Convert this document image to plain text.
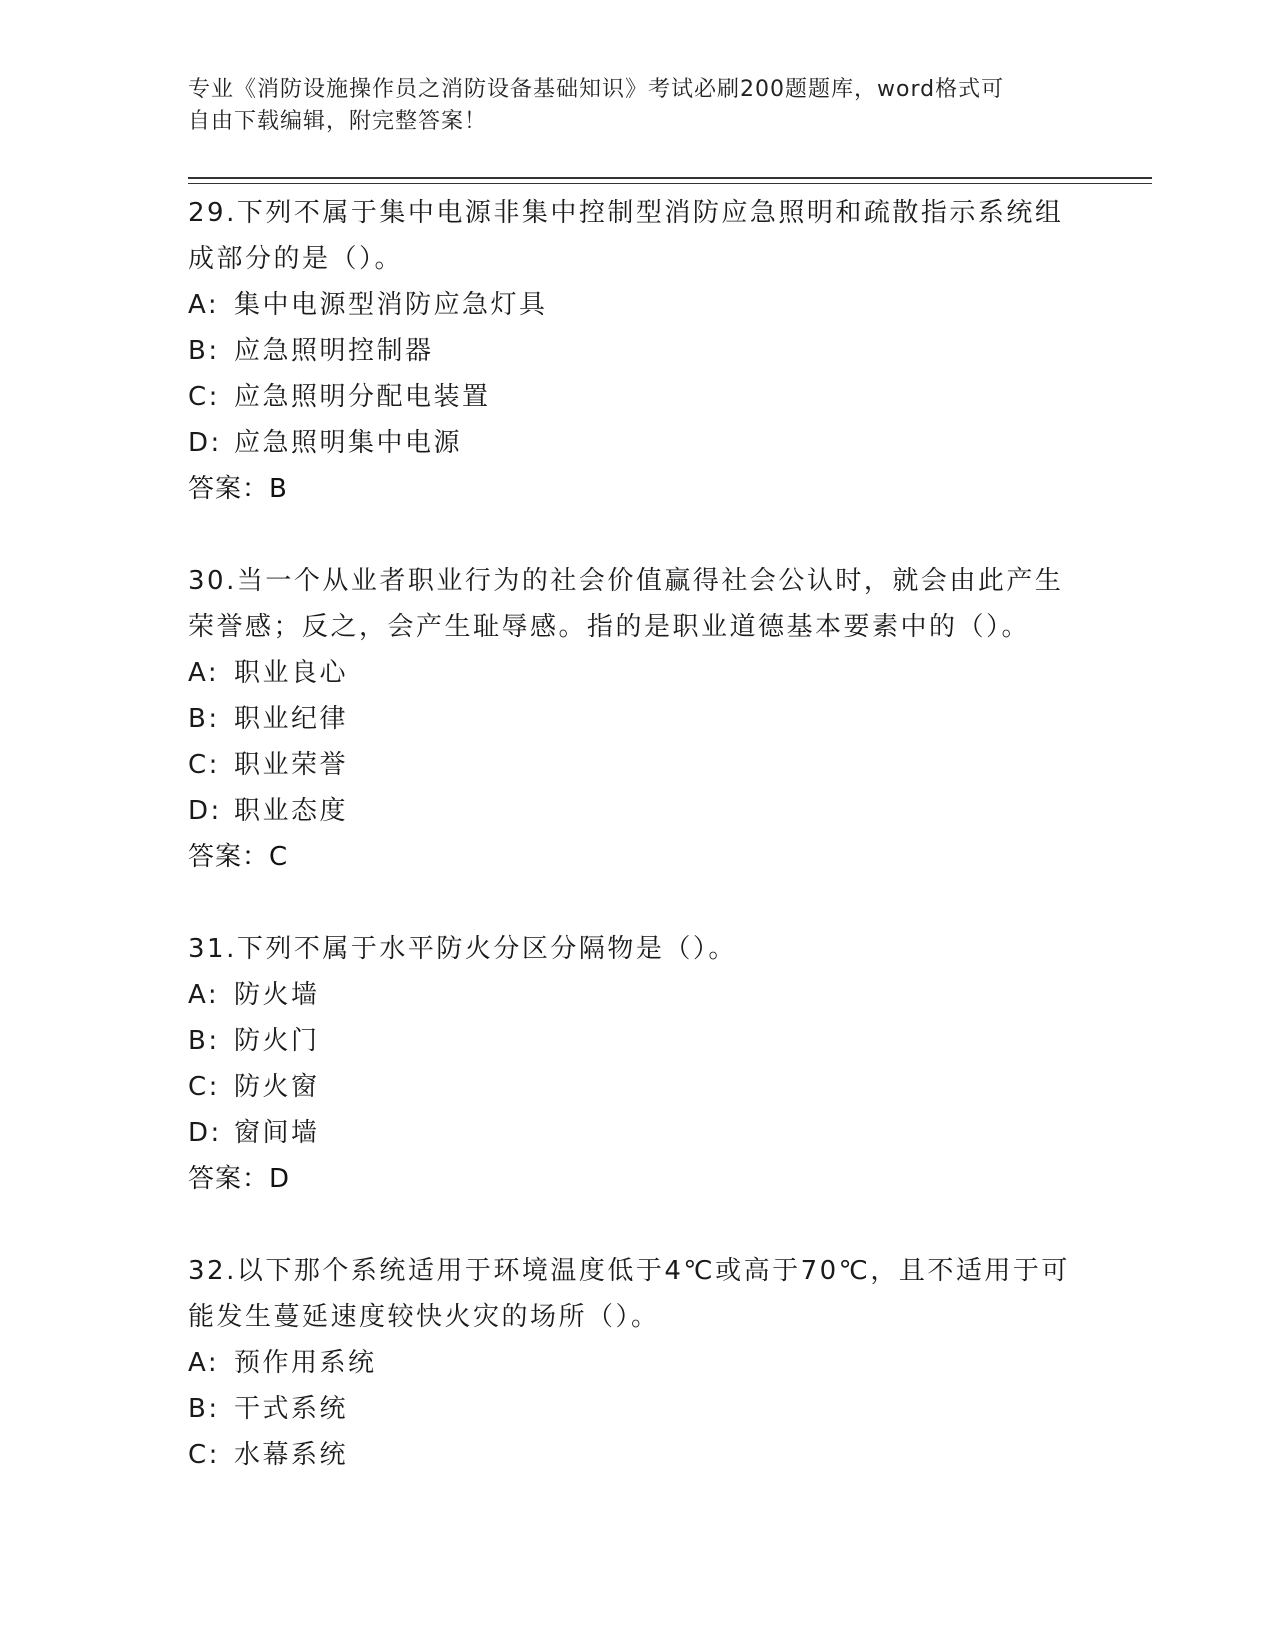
专业《消防设施操作员之消防设备基础知识》考试必刷200题题库，word格式可
自由下载编辑，附完整答案！

29.下列不属于集中电源非集中控制型消防应急照明和疏散指示系统组

成部分的是（）。

A: 集中电源型消防应急灯具

B: 应急照明控制器

C: 应急照明分配电装置

D: 应急照明集中电源

答案：B

30.当一个从业者职业行为的社会价值赢得社会公认时，就会由此产生

荣誉感；反之，会产生耻辱感。指的是职业道德基本要素中的（）。

A: 职业良心

B: 职业纪律

C: 职业荣誉

D: 职业态度

答案：C

31.下列不属于水平防火分区分隔物是（）。

A: 防火墙

B: 防火门

C: 防火窗

D: 窗间墙

答案：D

32.以下那个系统适用于环境温度低于4℃或高于70℃，且不适用于可

能发生蔓延速度较快火灾的场所（）。

A: 预作用系统

B: 干式系统

C: 水幕系统
